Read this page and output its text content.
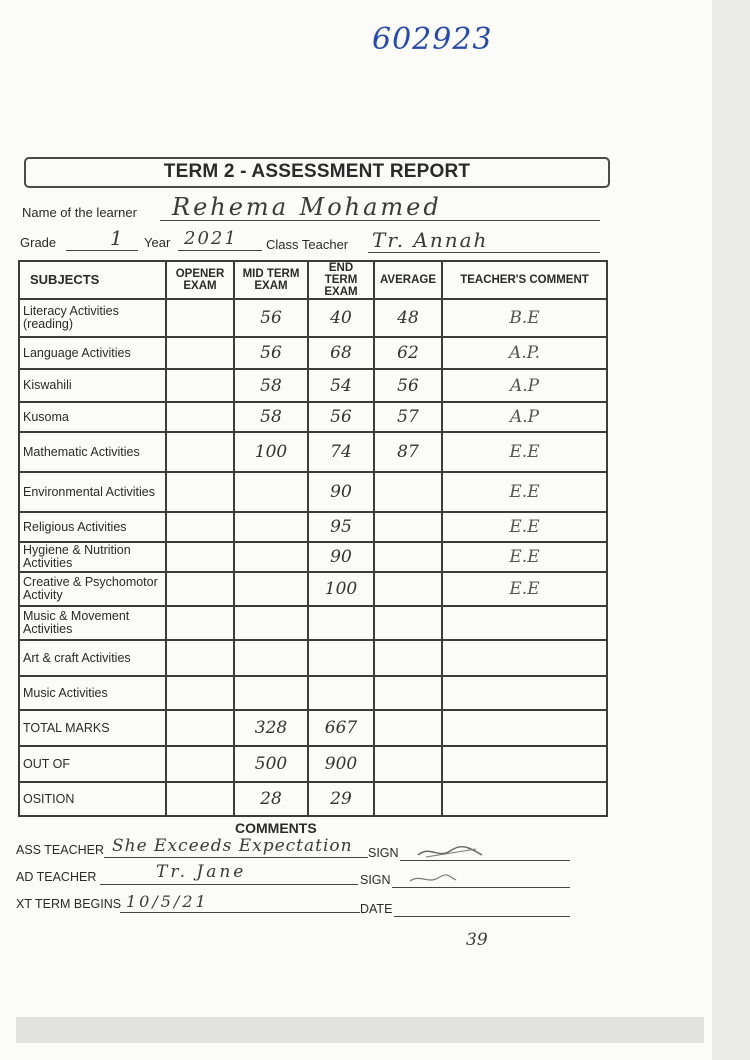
602923
TERM 2 - ASSESSMENT REPORT
Name of the learner Rehema Mohamed
Grade	1 Year 2021 Class Teacher Tr. Annah
SUBJECTS	OPENER EXAM	MID TERM EXAM	END TERM EXAM	AVERAGE	TEACHER'S COMMENT
Literacy Activities (reading)		56	40	48	B.E
Language Activities		56	68	62	A.P.
Kiswahili		58	54	56	A.P
Kusoma		58	56	57	A.P
Mathematic Activities		100	74	87	E.E
Environmental Activities			90		E.E
Religious Activities			95		E.E
Hygiene & Nutrition Activities			90		E.E
Creative & Psychomotor Activity			100		E.E
Music & Movement Activities					
Art & craft Activities					
Music Activities					
TOTAL MARKS		328	667		
OUT OF		500	900		
OSITION		28	29		
COMMENTS
ASS TEACHER She Exceeds Expectation SIGN
AD TEACHER	Tr. Jane	SIGN
XT TERM BEGINS 10/5/21	DATE
39
